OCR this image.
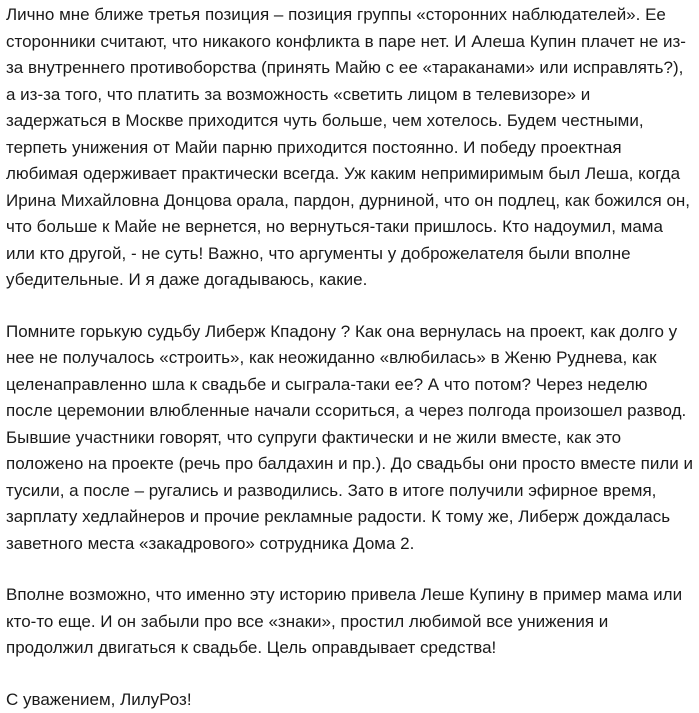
Лично мне ближе третья позиция – позиция группы «сторонних наблюдателей». Ее сторонники считают, что никакого конфликта в паре нет. И Алеша Купин плачет не из-за внутреннего противоборства (принять Майю с ее «тараканами» или исправлять?), а из-за того, что платить за возможность «светить лицом в телевизоре» и задержаться в Москве приходится чуть больше, чем хотелось. Будем честными, терпеть унижения от Майи парню приходится постоянно. И победу проектная любимая одерживает практически всегда. Уж каким непримиримым был Леша, когда Ирина Михайловна Донцова орала, пардон, дурниной, что он подлец, как божился он, что больше к Майе не вернется, но вернуться-таки пришлось. Кто надоумил, мама или кто другой, - не суть! Важно, что аргументы у доброжелателя были вполне убедительные. И я даже догадываюсь, какие.

Помните горькую судьбу Либерж Кпадону ? Как она вернулась на проект, как долго у нее не получалось «строить», как неожиданно «влюбилась» в Женю Руднева, как целенаправленно шла к свадьбе и сыграла-таки ее? А что потом? Через неделю после церемонии влюбленные начали ссориться, а через полгода произошел развод. Бывшие участники говорят, что супруги фактически и не жили вместе, как это положено на проекте (речь про балдахин и пр.). До свадьбы они просто вместе пили и тусили, а после – ругались и разводились. Зато в итоге получили эфирное время, зарплату хедлайнеров и прочие рекламные радости. К тому же, Либерж дождалась заветного места «закадрового» сотрудника Дома 2.

Вполне возможно, что именно эту историю привела Леше Купину в пример мама или кто-то еще. И он забыли про все «знаки», простил любимой все унижения и продолжил двигаться к свадьбе. Цель оправдывает средства!

С уважением, ЛилуРоз!
